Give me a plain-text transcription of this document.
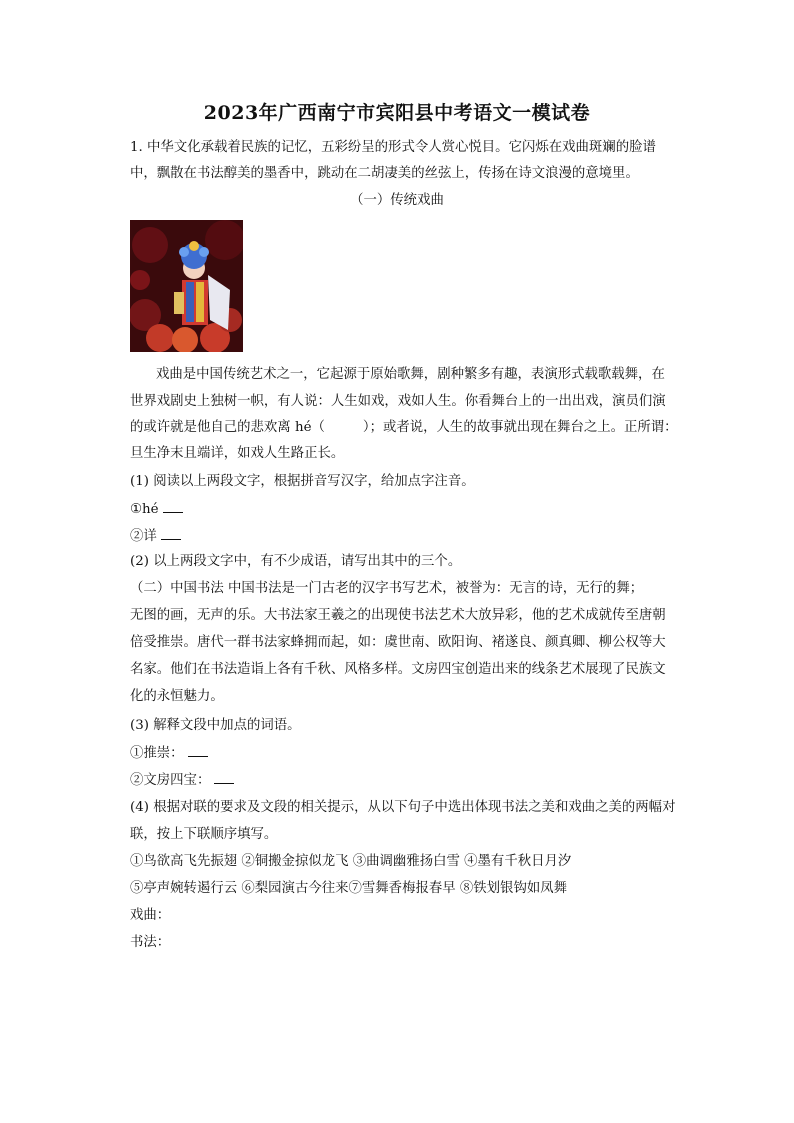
2023年广西南宁市宾阳县中考语文一模试卷
1. 中华文化承载着民族的记忆，五彩纷呈的形式令人赏心悦目。它闪烁在戏曲斑斓的脸谱
中，飘散在书法醇美的墨香中，跳动在二胡凄美的丝弦上，传扬在诗文浪漫的意境里。
（一）传统戏曲
戏曲是中国传统艺术之一，它起源于原始歌舞，剧种繁多有趣，表演形式载歌载舞，在
世界戏剧史上独树一帜，有人说：人生如戏，戏如人生。你看舞台上的一出出戏，演员们演
的或许就是他自己的悲欢离 hé（	）；或者说，人生的故事就出现在舞台之上。正所谓：
旦生净末且端详，如戏人生路正长。
(1) 阅读以上两段文字，根据拼音写汉字，给加点字注音。
①hé
②详
(2) 以上两段文字中，有不少成语，请写出其中的三个。
（二）中国书法 中国书法是一门古老的汉字书写艺术，被誉为：无言的诗，无行的舞；
无图的画，无声的乐。大书法家王羲之的出现使书法艺术大放异彩，他的艺术成就传至唐朝
倍受推崇。唐代一群书法家蜂拥而起，如：虞世南、欧阳询、褚遂良、颜真卿、柳公权等大
名家。他们在书法造诣上各有千秋、风格多样。文房四宝创造出来的线条艺术展现了民族文
化的永恒魅力。
(3) 解释文段中加点的词语。
①推崇：
②文房四宝：
(4) 根据对联的要求及文段的相关提示，从以下句子中选出体现书法之美和戏曲之美的两幅对
联，按上下联顺序填写。
①鸟欲高飞先振翅 ②铜搬金掠似龙飞 ③曲调幽雅扬白雪 ④墨有千秋日月汐
⑤亭声婉转遏行云 ⑥梨园演古今往来⑦雪舞香梅报春早 ⑧铁划银钩如凤舞
戏曲：
书法：
